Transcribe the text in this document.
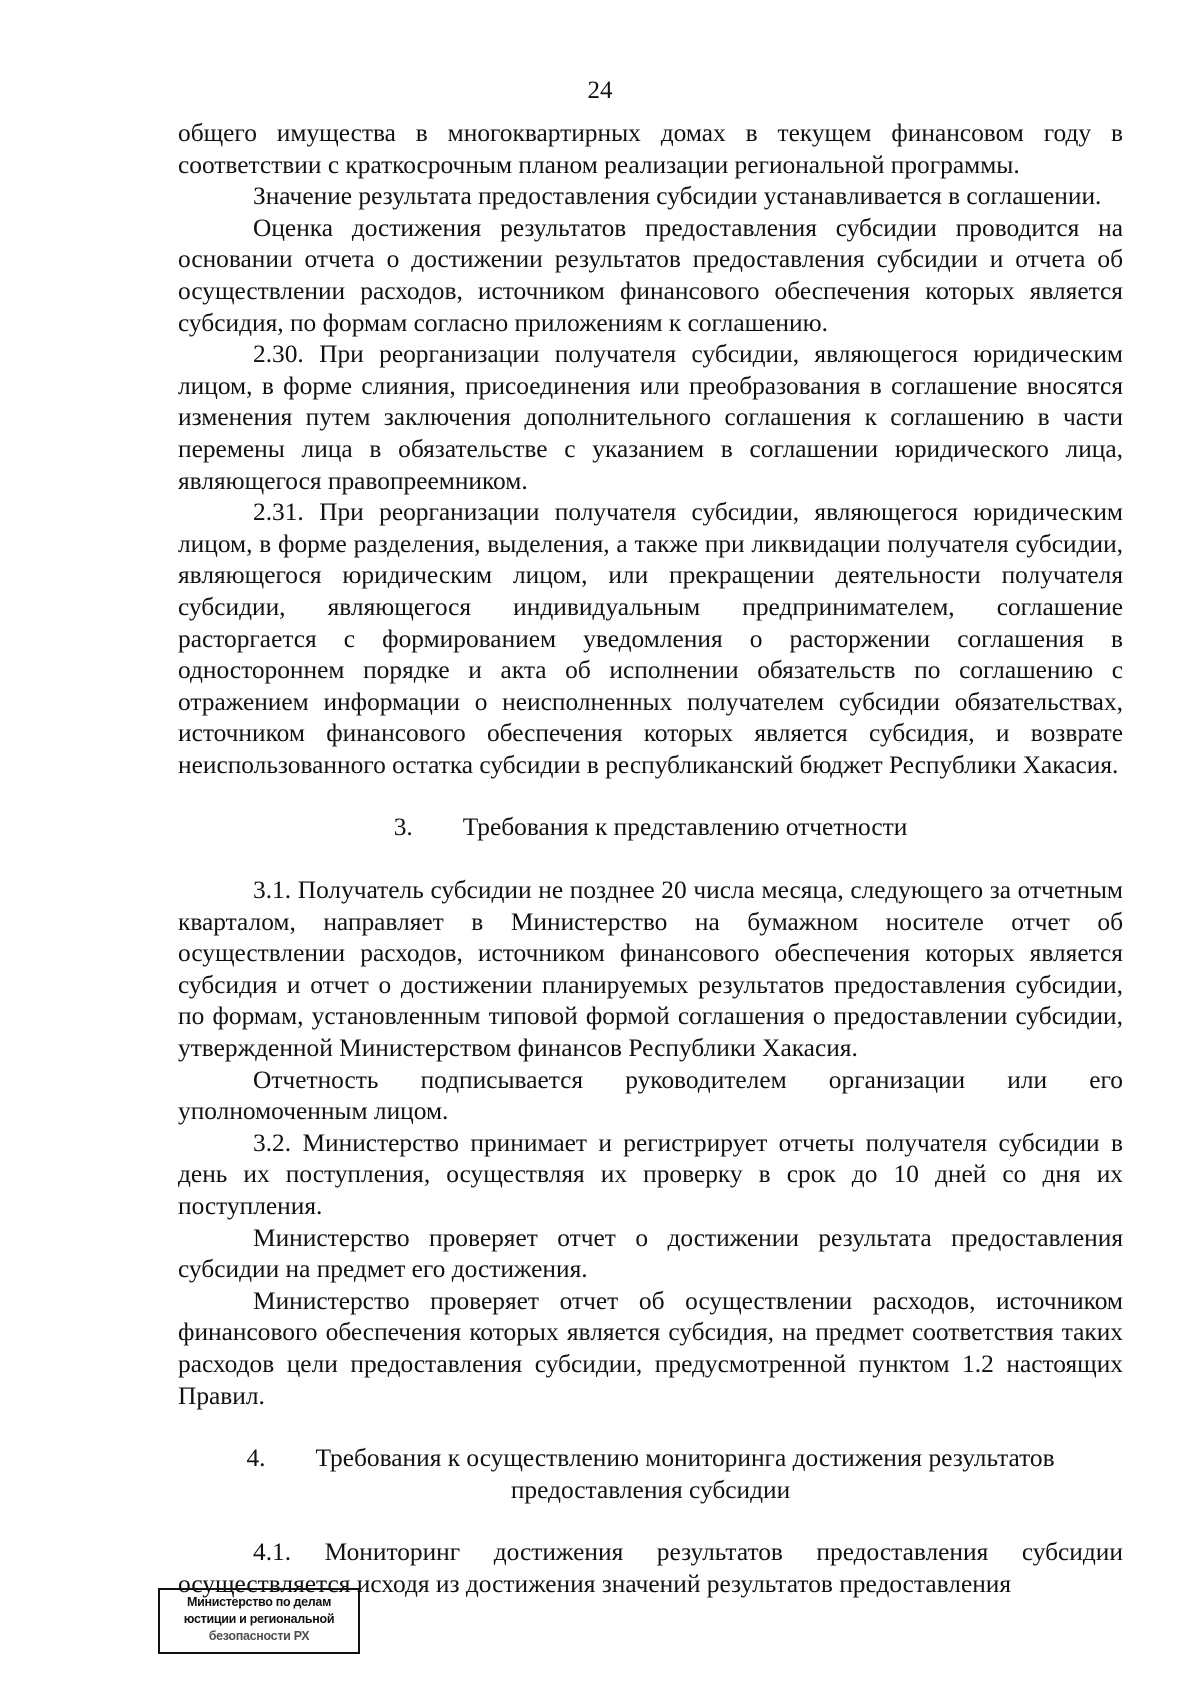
24

общего имущества в многоквартирных домах в текущем финансовом году в соответствии с краткосрочным планом реализации региональной программы.

Значение результата предоставления субсидии устанавливается в соглашении.

Оценка достижения результатов предоставления субсидии проводится на основании отчета о достижении результатов предоставления субсидии и отчета об осуществлении расходов, источником финансового обеспечения которых является субсидия, по формам согласно приложениям к соглашению.

2.30. При реорганизации получателя субсидии, являющегося юридическим лицом, в форме слияния, присоединения или преобразования в соглашение вносятся изменения путем заключения дополнительного соглашения к соглашению в части перемены лица в обязательстве с указанием в соглашении юридического лица, являющегося правопреемником.

2.31. При реорганизации получателя субсидии, являющегося юридическим лицом, в форме разделения, выделения, а также при ликвидации получателя субсидии, являющегося юридическим лицом, или прекращении деятельности получателя субсидии, являющегося индивидуальным предпринимателем, соглашение расторгается с формированием уведомления о расторжении соглашения в одностороннем порядке и акта об исполнении обязательств по соглашению с отражением информации о неисполненных получателем субсидии обязательствах, источником финансового обеспечения которых является субсидия, и возврате неиспользованного остатка субсидии в республиканский бюджет Республики Хакасия.

3. Требования к представлению отчетности

3.1. Получатель субсидии не позднее 20 числа месяца, следующего за отчетным кварталом, направляет в Министерство на бумажном носителе отчет об осуществлении расходов, источником финансового обеспечения которых является субсидия и отчет о достижении планируемых результатов предоставления субсидии, по формам, установленным типовой формой соглашения о предоставлении субсидии, утвержденной Министерством финансов Республики Хакасия.

Отчетность подписывается руководителем организации или его уполномоченным лицом.

3.2. Министерство принимает и регистрирует отчеты получателя субсидии в день их поступления, осуществляя их проверку в срок до 10 дней со дня их поступления.

Министерство проверяет отчет о достижении результата предоставления субсидии на предмет его достижения.

Министерство проверяет отчет об осуществлении расходов, источником финансового обеспечения которых является субсидия, на предмет соответствия таких расходов цели предоставления субсидии, предусмотренной пунктом 1.2 настоящих Правил.

4. Требования к осуществлению мониторинга достижения результатов

предоставления субсидии

4.1. Мониторинг достижения результатов предоставления субсидии осуществляется исходя из достижения значений результатов предоставления

Министерство по делам
юстиции и региональной
безопасности РХ
